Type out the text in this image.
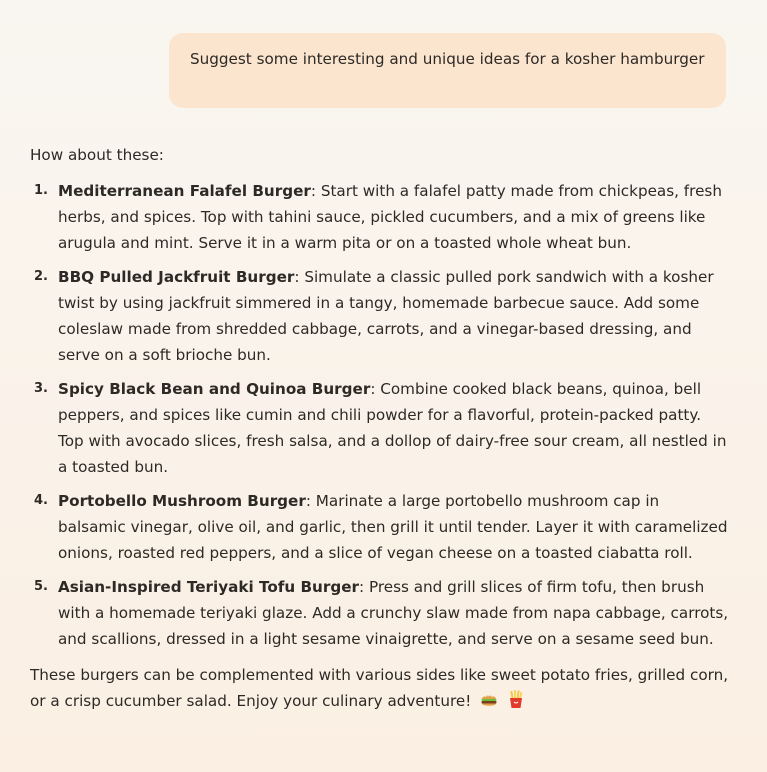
Suggest some interesting and unique ideas for a kosher hamburger

How about these:

1. Mediterranean Falafel Burger: Start with a falafel patty made from chickpeas, fresh herbs, and spices. Top with tahini sauce, pickled cucumbers, and a mix of greens like arugula and mint. Serve it in a warm pita or on a toasted whole wheat bun.
2. BBQ Pulled Jackfruit Burger: Simulate a classic pulled pork sandwich with a kosher twist by using jackfruit simmered in a tangy, homemade barbecue sauce. Add some coleslaw made from shredded cabbage, carrots, and a vinegar-based dressing, and serve on a soft brioche bun.
3. Spicy Black Bean and Quinoa Burger: Combine cooked black beans, quinoa, bell peppers, and spices like cumin and chili powder for a flavorful, protein-packed patty. Top with avocado slices, fresh salsa, and a dollop of dairy-free sour cream, all nestled in a toasted bun.
4. Portobello Mushroom Burger: Marinate a large portobello mushroom cap in balsamic vinegar, olive oil, and garlic, then grill it until tender. Layer it with caramelized onions, roasted red peppers, and a slice of vegan cheese on a toasted ciabatta roll.
5. Asian-Inspired Teriyaki Tofu Burger: Press and grill slices of firm tofu, then brush with a homemade teriyaki glaze. Add a crunchy slaw made from napa cabbage, carrots, and scallions, dressed in a light sesame vinaigrette, and serve on a sesame seed bun.

These burgers can be complemented with various sides like sweet potato fries, grilled corn, or a crisp cucumber salad. Enjoy your culinary adventure!
